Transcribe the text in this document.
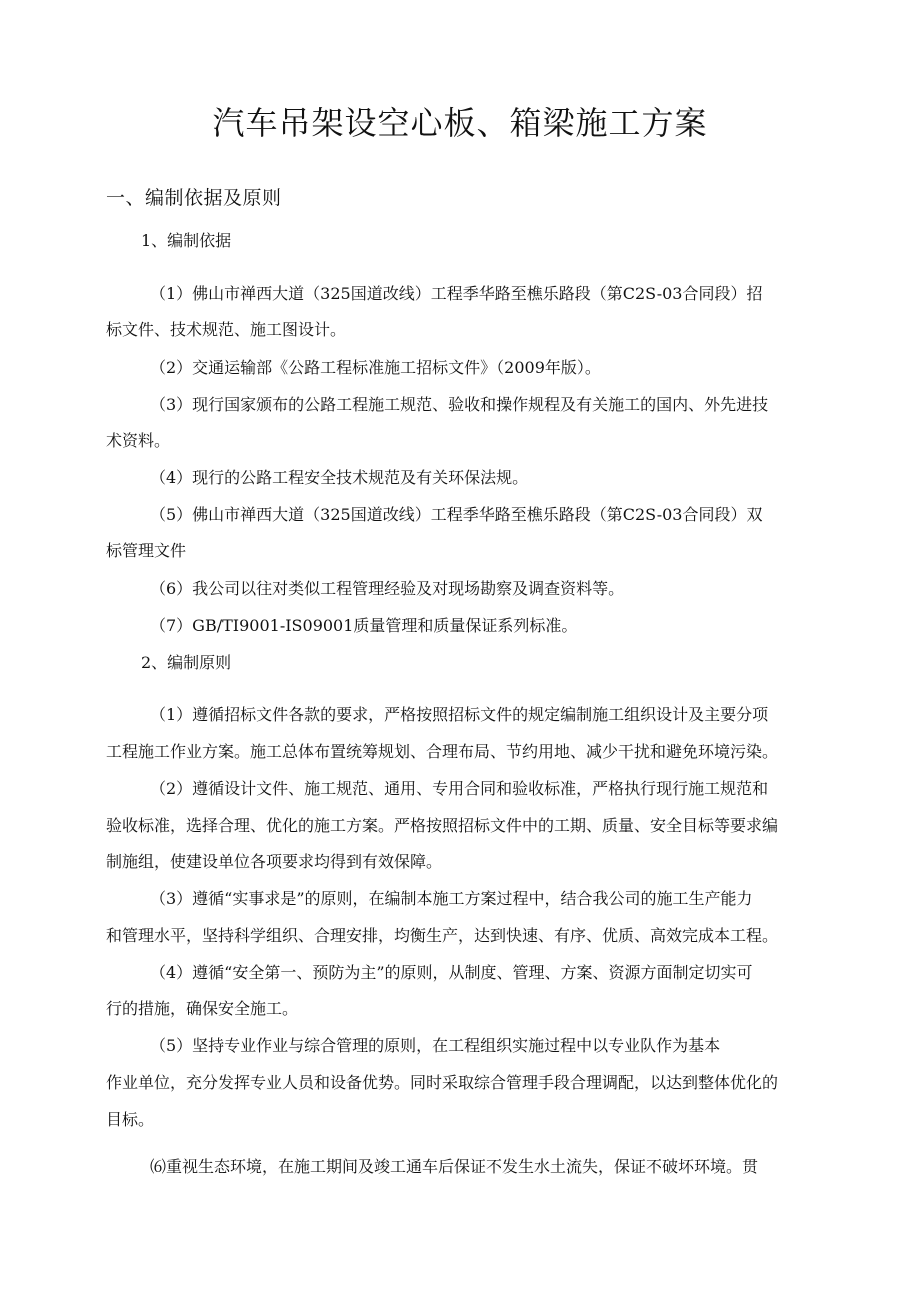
汽车吊架设空心板、箱梁施工方案
一、编制依据及原则
1、编制依据
（1）佛山市禅西大道（325国道改线）工程季华路至樵乐路段（第C2S-03合同段）招
标文件、技术规范、施工图设计。
（2）交通运输部《公路工程标准施工招标文件》（2009年版）。
（3）现行国家颁布的公路工程施工规范、验收和操作规程及有关施工的国内、外先进技
术资料。
（4）现行的公路工程安全技术规范及有关环保法规。
（5）佛山市禅西大道（325国道改线）工程季华路至樵乐路段（第C2S-03合同段）双
标管理文件
（6）我公司以往对类似工程管理经验及对现场勘察及调查资料等。
（7）GB/TI9001-IS09001质量管理和质量保证系列标准。
2、编制原则
（1）遵循招标文件各款的要求，严格按照招标文件的规定编制施工组织设计及主要分项
工程施工作业方案。施工总体布置统筹规划、合理布局、节约用地、减少干扰和避免环境污染。
（2）遵循设计文件、施工规范、通用、专用合同和验收标准，严格执行现行施工规范和
验收标准，选择合理、优化的施工方案。严格按照招标文件中的工期、质量、安全目标等要求编
制施组，使建设单位各项要求均得到有效保障。
（3）遵循“实事求是”的原则，在编制本施工方案过程中，结合我公司的施工生产能力
和管理水平，坚持科学组织、合理安排，均衡生产，达到快速、有序、优质、高效完成本工程。
（4）遵循“安全第一、预防为主”的原则，从制度、管理、方案、资源方面制定切实可
行的措施，确保安全施工。
（5）坚持专业作业与综合管理的原则，在工程组织实施过程中以专业队作为基本
作业单位，充分发挥专业人员和设备优势。同时采取综合管理手段合理调配，以达到整体优化的
目标。
⑹重视生态环境，在施工期间及竣工通车后保证不发生水土流失，保证不破坏环境。贯
